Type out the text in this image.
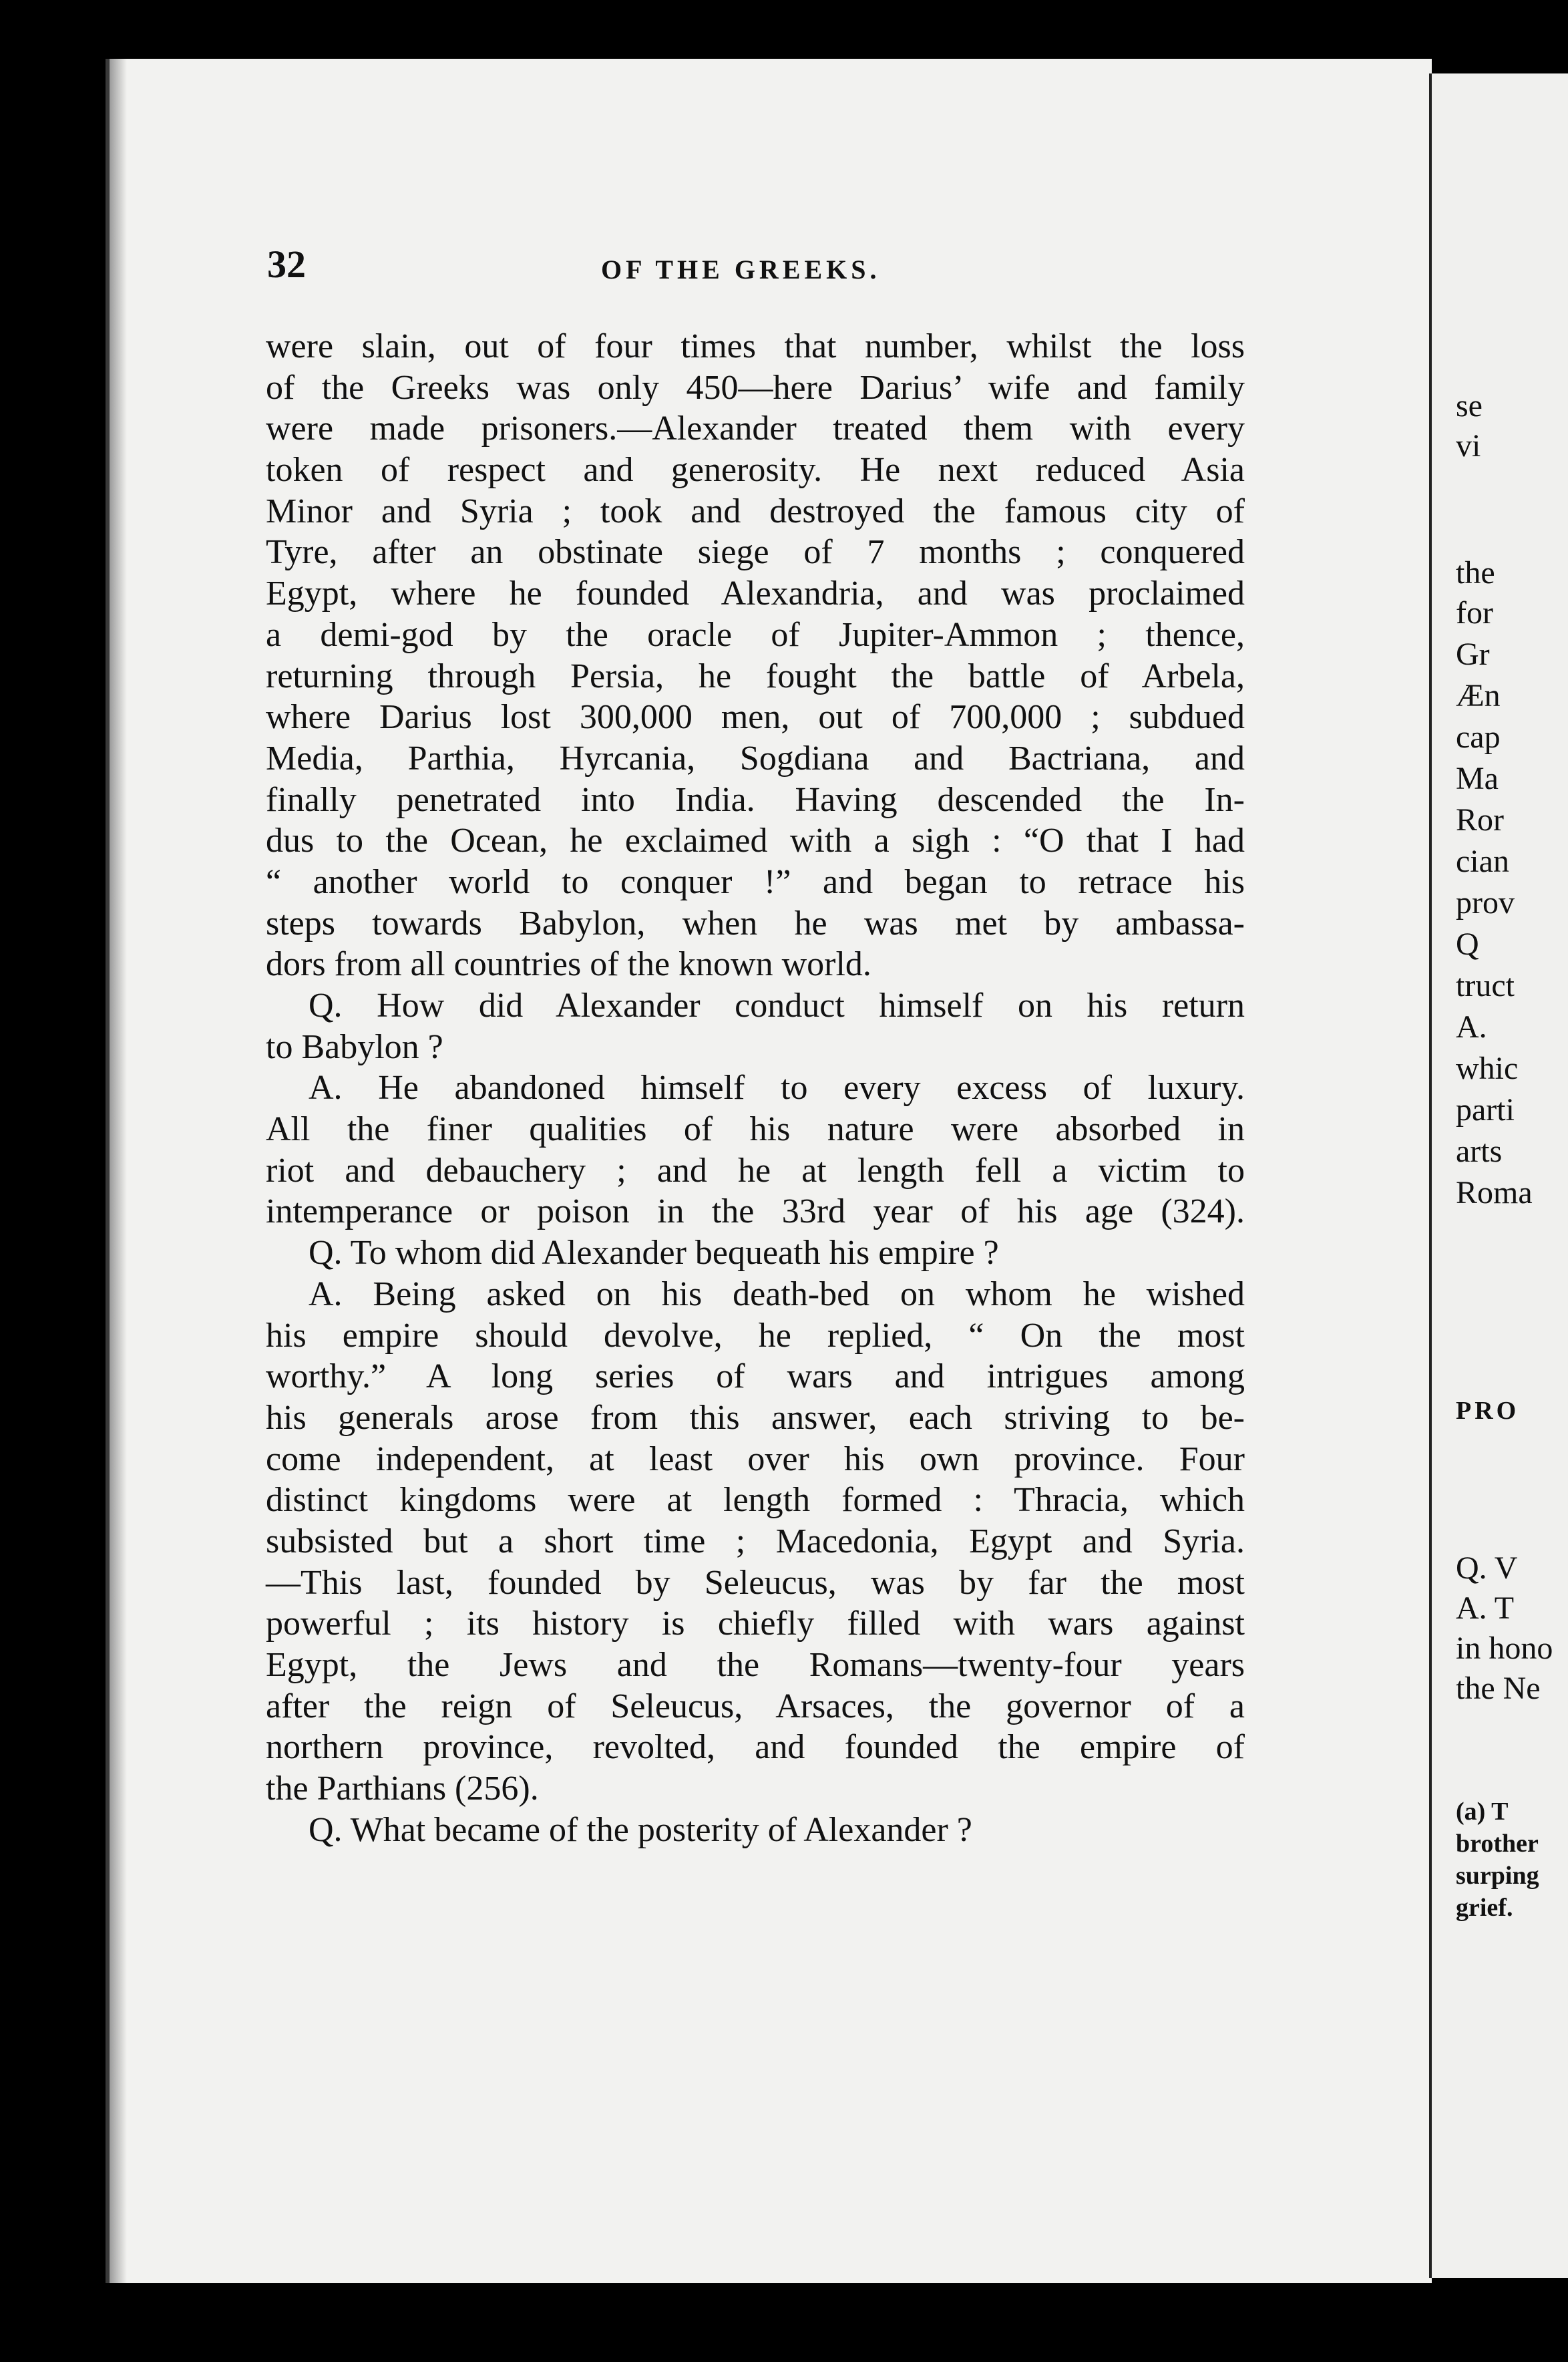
se
vi
the
for
Gr
Æn
cap
Ma
Ror
cian
prov
Q
truct
A.
whic
parti
arts
Roma
PRO
Q. V
A. T
in hono
the Ne
(a) T
brother
surping
grief.
32	OF THE GREEKS.
were slain, out of four times that number, whilst the loss
of the Greeks was only 450—here Darius’ wife and family
were made prisoners.—Alexander treated them with every
token of respect and generosity. He next reduced Asia
Minor and Syria ; took and destroyed the famous city of
Tyre, after an obstinate siege of 7 months ; conquered
Egypt, where he founded Alexandria, and was proclaimed
a demi-god by the oracle of Jupiter-Ammon ; thence,
returning through Persia, he fought the battle of Arbela,
where Darius lost 300,000 men, out of 700,000 ; subdued
Media, Parthia, Hyrcania, Sogdiana and Bactriana, and
finally penetrated into India. Having descended the In-
dus to the Ocean, he exclaimed with a sigh : “O that I had
“ another world to conquer !” and began to retrace his
steps towards Babylon, when he was met by ambassa-
dors from all countries of the known world.
Q. How did Alexander conduct himself on his return
to Babylon ?
A. He abandoned himself to every excess of luxury.
All the finer qualities of his nature were absorbed in
riot and debauchery ; and he at length fell a victim to
intemperance or poison in the 33rd year of his age (324).
Q. To whom did Alexander bequeath his empire ?
A. Being asked on his death-bed on whom he wished
his empire should devolve, he replied, “ On the most
worthy.” A long series of wars and intrigues among
his generals arose from this answer, each striving to be-
come independent, at least over his own province. Four
distinct kingdoms were at length formed : Thracia, which
subsisted but a short time ; Macedonia, Egypt and Syria.
—This last, founded by Seleucus, was by far the most
powerful ; its history is chiefly filled with wars against
Egypt, the Jews and the Romans—twenty-four years
after the reign of Seleucus, Arsaces, the governor of a
northern province, revolted, and founded the empire of
the Parthians (256).
Q. What became of the posterity of Alexander ?
